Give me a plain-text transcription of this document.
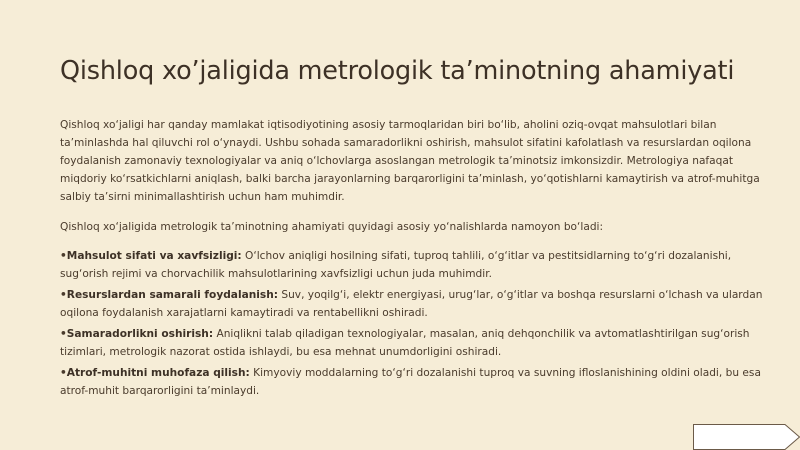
Qishloq xo’jaligida metrologik ta’minotning ahamiyati

Qishloq xo‘jaligi har qanday mamlakat iqtisodiyotining asosiy tarmoqlaridan biri bo‘lib, aholini oziq-ovqat mahsulotlari bilan ta’minlashda hal qiluvchi rol o‘ynaydi. Ushbu sohada samaradorlikni oshirish, mahsulot sifatini kafolatlash va resurslardan oqilona foydalanish zamonaviy texnologiyalar va aniq o‘lchovlarga asoslangan metrologik ta’minotsiz imkonsizdir. Metrologiya nafaqat miqdoriy ko‘rsatkichlarni aniqlash, balki barcha jarayonlarning barqarorligini ta’minlash, yo‘qotishlarni kamaytirish va atrof-muhitga salbiy ta’sirni minimallashtirish uchun ham muhimdir.

Qishloq xo‘jaligida metrologik ta’minotning ahamiyati quyidagi asosiy yo‘nalishlarda namoyon bo‘ladi:

•Mahsulot sifati va xavfsizligi: O‘lchov aniqligi hosilning sifati, tuproq tahlili, o‘g‘itlar va pestitsidlarning to‘g‘ri dozalanishi, sug‘orish rejimi va chorvachilik mahsulotlarining xavfsizligi uchun juda muhimdir.

•Resurslardan samarali foydalanish: Suv, yoqilg‘i, elektr energiyasi, urug‘lar, o‘g‘itlar va boshqa resurslarni o‘lchash va ulardan oqilona foydalanish xarajatlarni kamaytiradi va rentabellikni oshiradi.

•Samaradorlikni oshirish: Aniqlikni talab qiladigan texnologiyalar, masalan, aniq dehqonchilik va avtomatlashtirilgan sug‘orish tizimlari, metrologik nazorat ostida ishlaydi, bu esa mehnat unumdorligini oshiradi.

•Atrof-muhitni muhofaza qilish: Kimyoviy moddalarning to‘g‘ri dozalanishi tuproq va suvning ifloslanishining oldini oladi, bu esa atrof-muhit barqarorligini ta’minlaydi.
